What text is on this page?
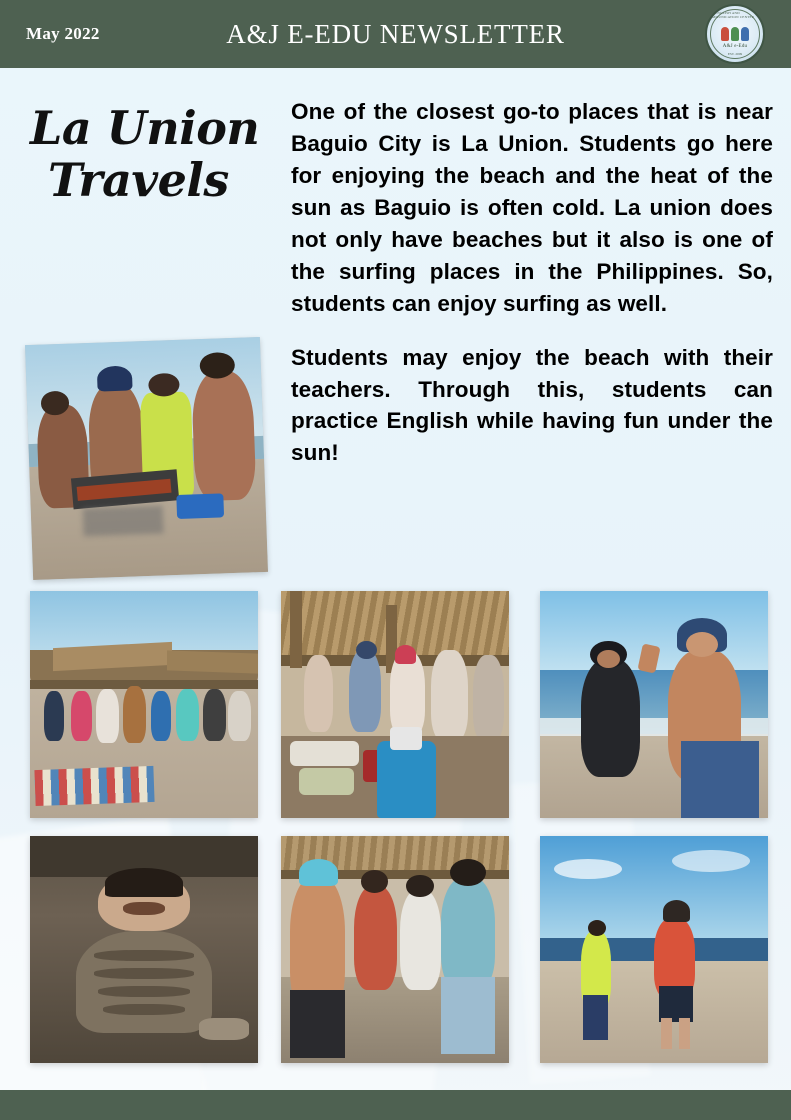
May 2022	A&J E-EDU NEWSLETTER
A&J ENGLISH AND COMMUNICATION CENTER
A&J e-Edu
EST. 2009
La Union
Travels

One of the closest go-to places that is near Baguio City is La Union. Students go here for enjoying the beach and the heat of the sun as Baguio is often cold. La union does not only have beaches but it also is one of the surfing places in the Philippines. So, students can enjoy surfing as well.

Students may enjoy the beach with their teachers. Through this, students can practice English while having fun under the sun!
